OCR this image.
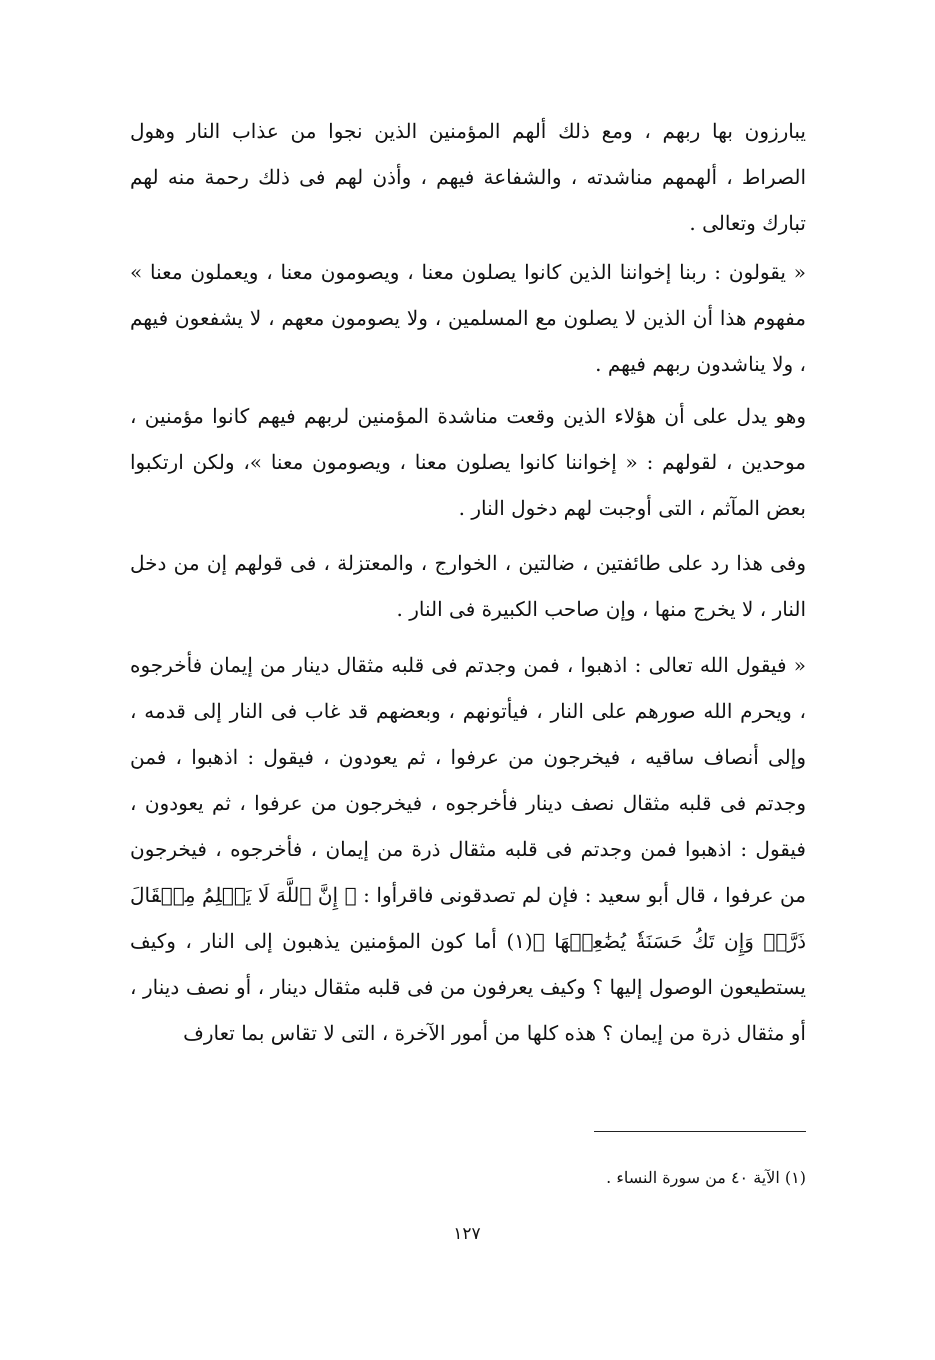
يبارزون بها ربهم ، ومع ذلك ألهم المؤمنين الذين نجوا من عذاب النار وهول الصراط ، ألهمهم مناشدته ، والشفاعة فيهم ، وأذن لهم فى ذلك رحمة منه لهم تبارك وتعالى .

« يقولون : ربنا إخواننا الذين كانوا يصلون معنا ، ويصومون معنا ، ويعملون معنا » مفهوم هذا أن الذين لا يصلون مع المسلمين ، ولا يصومون معهم ، لا يشفعون فيهم ، ولا يناشدون ربهم فيهم .

وهو يدل على أن هؤلاء الذين وقعت مناشدة المؤمنين لربهم فيهم كانوا مؤمنين ، موحدين ، لقولهم : « إخواننا كانوا يصلون معنا ، ويصومون معنا »، ولكن ارتكبوا بعض المآثم ، التى أوجبت لهم دخول النار .

وفى هذا رد على طائفتين ، ضالتين ، الخوارج ، والمعتزلة ، فى قولهم إن من دخل النار ، لا يخرج منها ، وإن صاحب الكبيرة فى النار .

« فيقول الله تعالى : اذهبوا ، فمن وجدتم فى قلبه مثقال دينار من إيمان فأخرجوه ، ويحرم الله صورهم على النار ، فيأتونهم ، وبعضهم قد غاب فى النار إلى قدمه ، وإلى أنصاف ساقيه ، فيخرجون من عرفوا ، ثم يعودون ، فيقول : اذهبوا ، فمن وجدتم فى قلبه مثقال نصف دينار فأخرجوه ، فيخرجون من عرفوا ، ثم يعودون ، فيقول : اذهبوا فمن وجدتم فى قلبه مثقال ذرة من إيمان ، فأخرجوه ، فيخرجون من عرفوا ، قال أبو سعيد : فإن لم تصدقونى فاقرأوا : ﴿ إِنَّ ٱللَّهَ لَا يَظۡلِمُ مِثۡقَالَ ذَرَّةٖ وَإِن تَكُ حَسَنَةٗ يُضَٰعِفۡهَا ﴾(١) أما كون المؤمنين يذهبون إلى النار ، وكيف يستطيعون الوصول إليها ؟ وكيف يعرفون من فى قلبه مثقال دينار ، أو نصف دينار ، أو مثقال ذرة من إيمان ؟ هذه كلها من أمور الآخرة ، التى لا تقاس بما تعارف

(١) الآية ٤٠ من سورة النساء .
١٢٧
